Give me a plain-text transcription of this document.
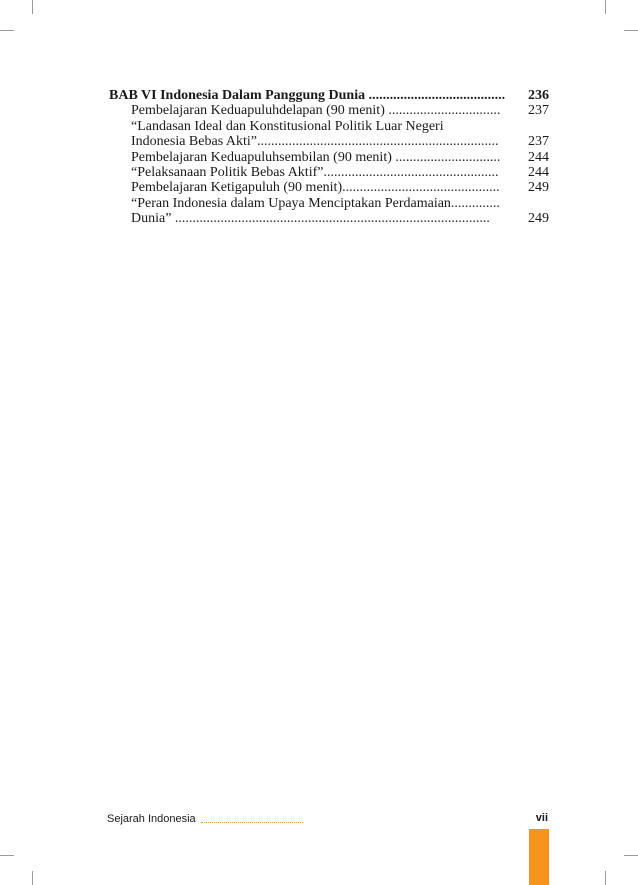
BAB VI Indonesia Dalam Panggung Dunia ....................................... 236
Pembelajaran Keduapuluhdelapan (90 menit) ................................ 237
“Landasan Ideal dan Konstitusional Politik Luar Negeri
Indonesia Bebas Akti”..................................................................... 237
Pembelajaran Keduapuluhsembilan (90 menit) .............................. 244
“Pelaksanaan Politik Bebas Aktif”.................................................. 244
Pembelajaran Ketigapuluh (90 menit)............................................. 249
“Peran Indonesia dalam Upaya Menciptakan Perdamaian..............
Dunia” ..........................................................................................	249
Sejarah Indonesia	vii
